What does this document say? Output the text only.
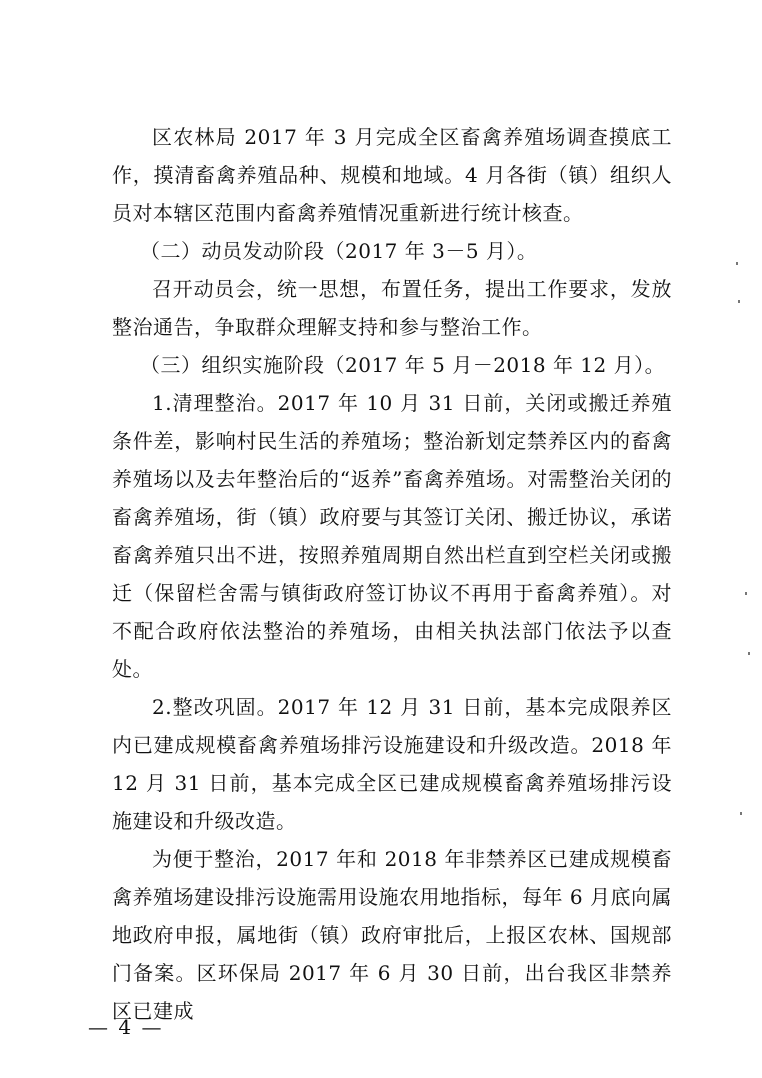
区农林局 2017 年 3 月完成全区畜禽养殖场调查摸底工作，摸清畜禽养殖品种、规模和地域。4 月各街（镇）组织人员对本辖区范围内畜禽养殖情况重新进行统计核查。

（二）动员发动阶段（2017 年 3－5 月）。

召开动员会，统一思想，布置任务，提出工作要求，发放整治通告，争取群众理解支持和参与整治工作。

（三）组织实施阶段（2017 年 5 月－2018 年 12 月）。

1.清理整治。2017 年 10 月 31 日前，关闭或搬迁养殖条件差，影响村民生活的养殖场；整治新划定禁养区内的畜禽养殖场以及去年整治后的“返养”畜禽养殖场。对需整治关闭的畜禽养殖场，街（镇）政府要与其签订关闭、搬迁协议，承诺畜禽养殖只出不进，按照养殖周期自然出栏直到空栏关闭或搬迁（保留栏舍需与镇街政府签订协议不再用于畜禽养殖）。对不配合政府依法整治的养殖场，由相关执法部门依法予以查处。

2.整改巩固。2017 年 12 月 31 日前，基本完成限养区内已建成规模畜禽养殖场排污设施建设和升级改造。2018 年 12 月 31 日前，基本完成全区已建成规模畜禽养殖场排污设施建设和升级改造。

为便于整治，2017 年和 2018 年非禁养区已建成规模畜禽养殖场建设排污设施需用设施农用地指标，每年 6 月底向属地政府申报，属地街（镇）政府审批后，上报区农林、国规部门备案。区环保局 2017 年 6 月 30 日前，出台我区非禁养区已建成

— 4 —
